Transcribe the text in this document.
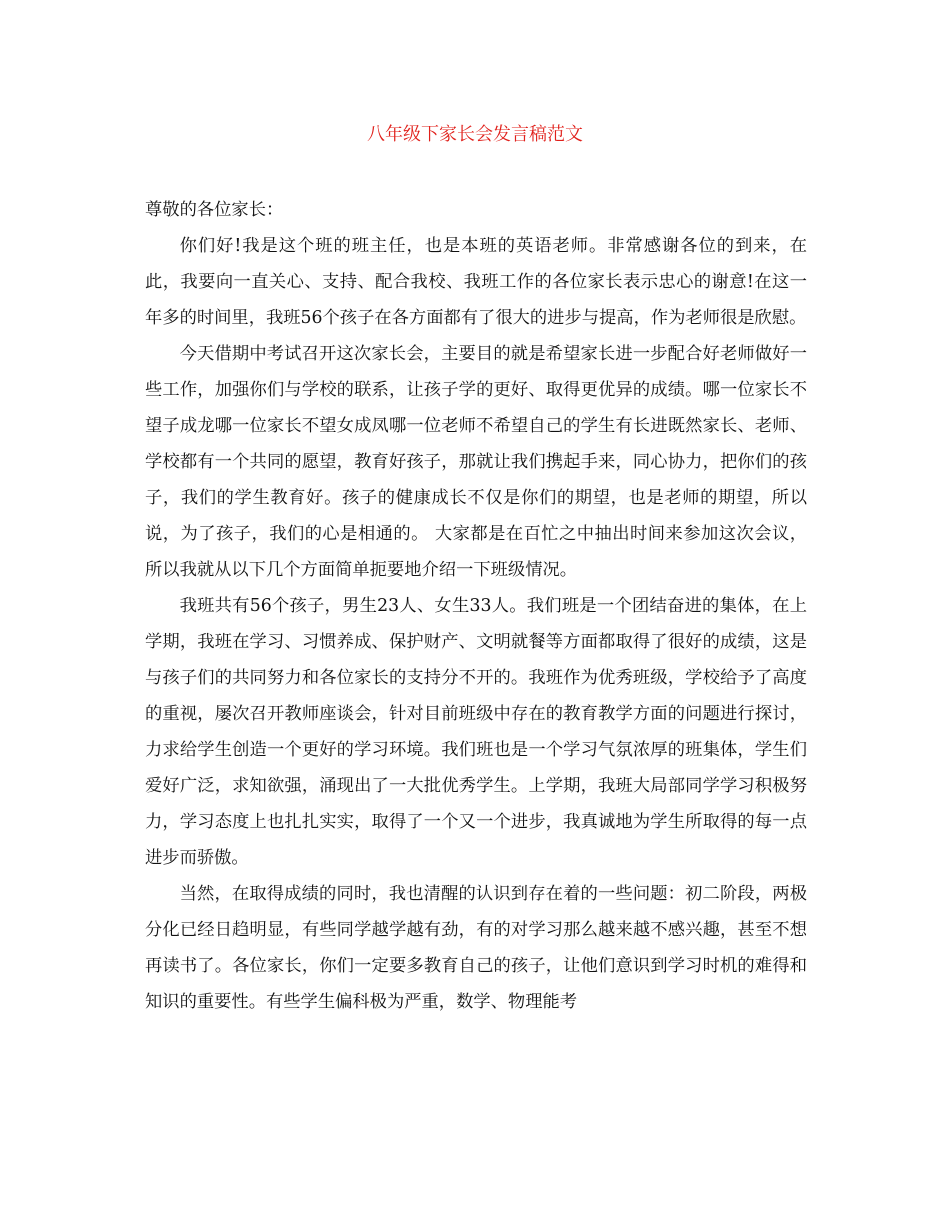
八年级下家长会发言稿范文

尊敬的各位家长：

你们好!我是这个班的班主任，也是本班的英语老师。非常感谢各位的到来，在此，我要向一直关心、支持、配合我校、我班工作的各位家长表示忠心的谢意!在这一年多的时间里，我班56个孩子在各方面都有了很大的进步与提高，作为老师很是欣慰。

今天借期中考试召开这次家长会，主要目的就是希望家长进一步配合好老师做好一些工作，加强你们与学校的联系，让孩子学的更好、取得更优异的成绩。哪一位家长不望子成龙哪一位家长不望女成凤哪一位老师不希望自己的学生有长进既然家长、老师、学校都有一个共同的愿望，教育好孩子，那就让我们携起手来，同心协力，把你们的孩子，我们的学生教育好。孩子的健康成长不仅是你们的期望，也是老师的期望，所以说，为了孩子，我们的心是相通的。 大家都是在百忙之中抽出时间来参加这次会议，所以我就从以下几个方面简单扼要地介绍一下班级情况。

我班共有56个孩子，男生23人、女生33人。我们班是一个团结奋进的集体，在上学期，我班在学习、习惯养成、保护财产、文明就餐等方面都取得了很好的成绩，这是与孩子们的共同努力和各位家长的支持分不开的。我班作为优秀班级，学校给予了高度的重视，屡次召开教师座谈会，针对目前班级中存在的教育教学方面的问题进行探讨，力求给学生创造一个更好的学习环境。我们班也是一个学习气氛浓厚的班集体，学生们爱好广泛，求知欲强，涌现出了一大批优秀学生。上学期，我班大局部同学学习积极努力，学习态度上也扎扎实实，取得了一个又一个进步，我真诚地为学生所取得的每一点进步而骄傲。

当然，在取得成绩的同时，我也清醒的认识到存在着的一些问题：初二阶段，两极分化已经日趋明显，有些同学越学越有劲，有的对学习那么越来越不感兴趣，甚至不想再读书了。各位家长，你们一定要多教育自己的孩子，让他们意识到学习时机的难得和知识的重要性。有些学生偏科极为严重，数学、物理能考
